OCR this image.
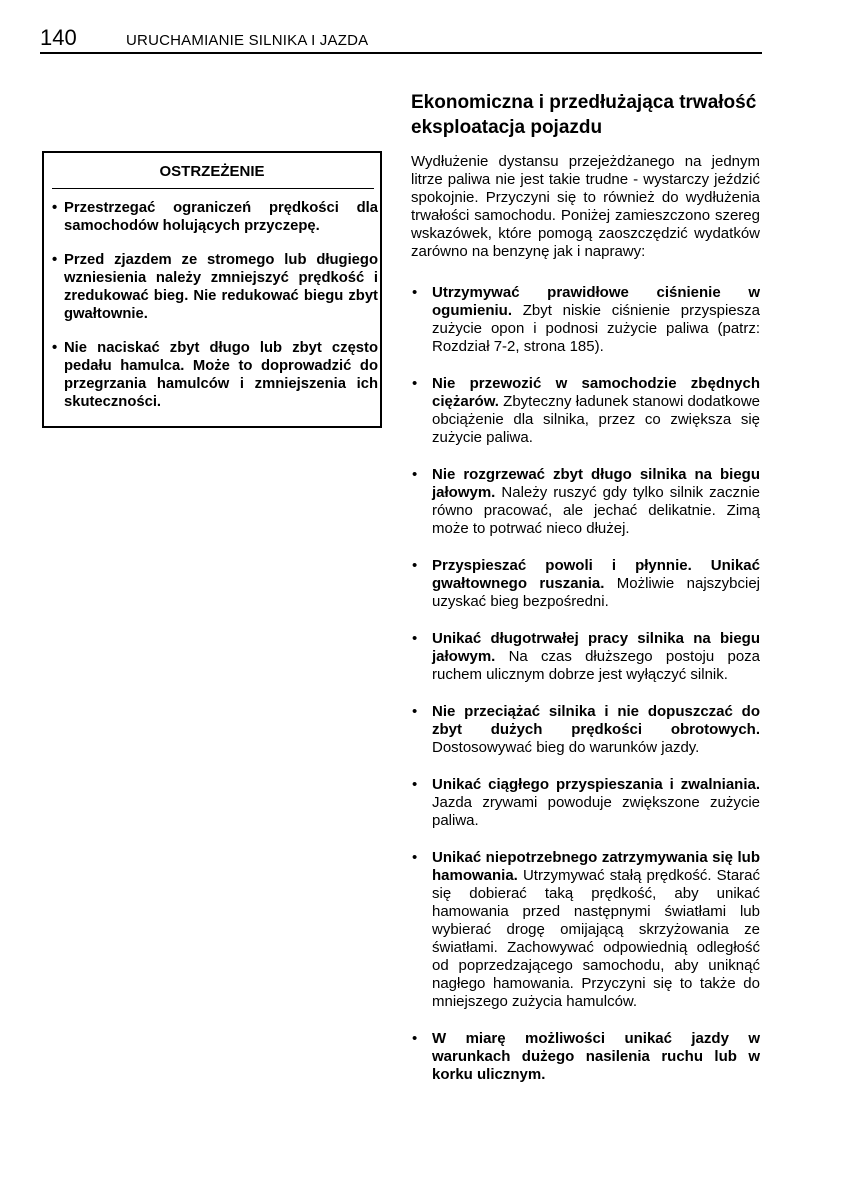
140	URUCHAMIANIE SILNIKA I JAZDA
OSTRZEŻENIE
• Przestrzegać ograniczeń prędkości dla samochodów holujących przyczepę.
• Przed zjazdem ze stromego lub długiego wzniesienia należy zmniejszyć prędkość i zredukować bieg. Nie redukować biegu zbyt gwałtownie.
• Nie naciskać zbyt długo lub zbyt często pedału hamulca. Może to doprowadzić do przegrzania hamulców i zmniejszenia ich skuteczności.
Ekonomiczna i przedłużająca trwałość eksploatacja pojazdu

Wydłużenie dystansu przejeżdżanego na jednym litrze paliwa nie jest takie trudne - wystarczy jeździć spokojnie. Przyczyni się to również do wydłużenia trwałości samochodu. Poniżej zamieszczono szereg wskazówek, które pomogą zaoszczędzić wydatków zarówno na benzynę jak i naprawy:

• Utrzymywać prawidłowe ciśnienie w ogumieniu. Zbyt niskie ciśnienie przyspiesza zużycie opon i podnosi zużycie paliwa (patrz: Rozdział 7-2, strona 185).
• Nie przewozić w samochodzie zbędnych ciężarów. Zbyteczny ładunek stanowi dodatkowe obciążenie dla silnika, przez co zwiększa się zużycie paliwa.
• Nie rozgrzewać zbyt długo silnika na biegu jałowym. Należy ruszyć gdy tylko silnik zacznie równo pracować, ale jechać delikatnie. Zimą może to potrwać nieco dłużej.
• Przyspieszać powoli i płynnie. Unikać gwałtownego ruszania. Możliwie najszybciej uzyskać bieg bezpośredni.
• Unikać długotrwałej pracy silnika na biegu jałowym. Na czas dłuższego postoju poza ruchem ulicznym dobrze jest wyłączyć silnik.
• Nie przeciążać silnika i nie dopuszczać do zbyt dużych prędkości obrotowych. Dostosowywać bieg do warunków jazdy.
• Unikać ciągłego przyspieszania i zwalniania. Jazda zrywami powoduje zwiększone zużycie paliwa.
• Unikać niepotrzebnego zatrzymywania się lub hamowania. Utrzymywać stałą prędkość. Starać się dobierać taką prędkość, aby unikać hamowania przed następnymi światłami lub wybierać drogę omijającą skrzyżowania ze światłami. Zachowywać odpowiednią odległość od poprzedzającego samochodu, aby uniknąć nagłego hamowania. Przyczyni się to także do mniejszego zużycia hamulców.
• W miarę możliwości unikać jazdy w warunkach dużego nasilenia ruchu lub w korku ulicznym.
